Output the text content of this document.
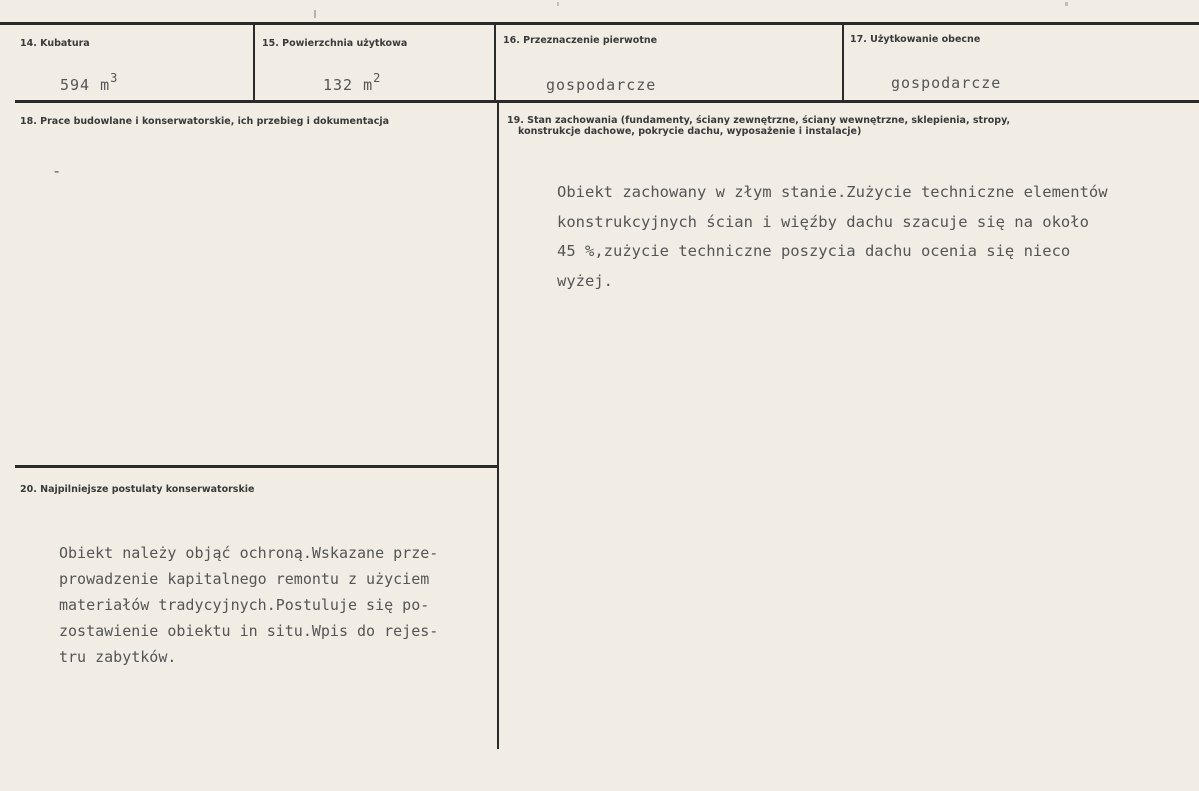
14. Kubatura
594 $m^3$
15. Powierzchnia użytkowa
132 $m^2$
16. Przeznaczenie pierwotne
gospodarcze
17. Użytkowanie obecne
gospodarcze
18. Prace budowlane i konserwatorskie, ich przebieg i dokumentacja
-
19. Stan zachowania (fundamenty, ściany zewnętrzne, ściany wewnętrzne, sklepienia, stropy,
konstrukcje dachowe, pokrycie dachu, wyposażenie i instalacje)
Obiekt zachowany w złym stanie.Zużycie techniczne elementów
konstrukcyjnych ścian i więźby dachu szacuje się na około
45 %,zużycie techniczne poszycia dachu ocenia się nieco
wyżej.
20. Najpilniejsze postulaty konserwatorskie
Obiekt należy objąć ochroną.Wskazane prze-
prowadzenie kapitalnego remontu z użyciem
materiałów tradycyjnych.Postuluje się po-
zostawienie obiektu in situ.Wpis do rejes-
tru zabytków.
